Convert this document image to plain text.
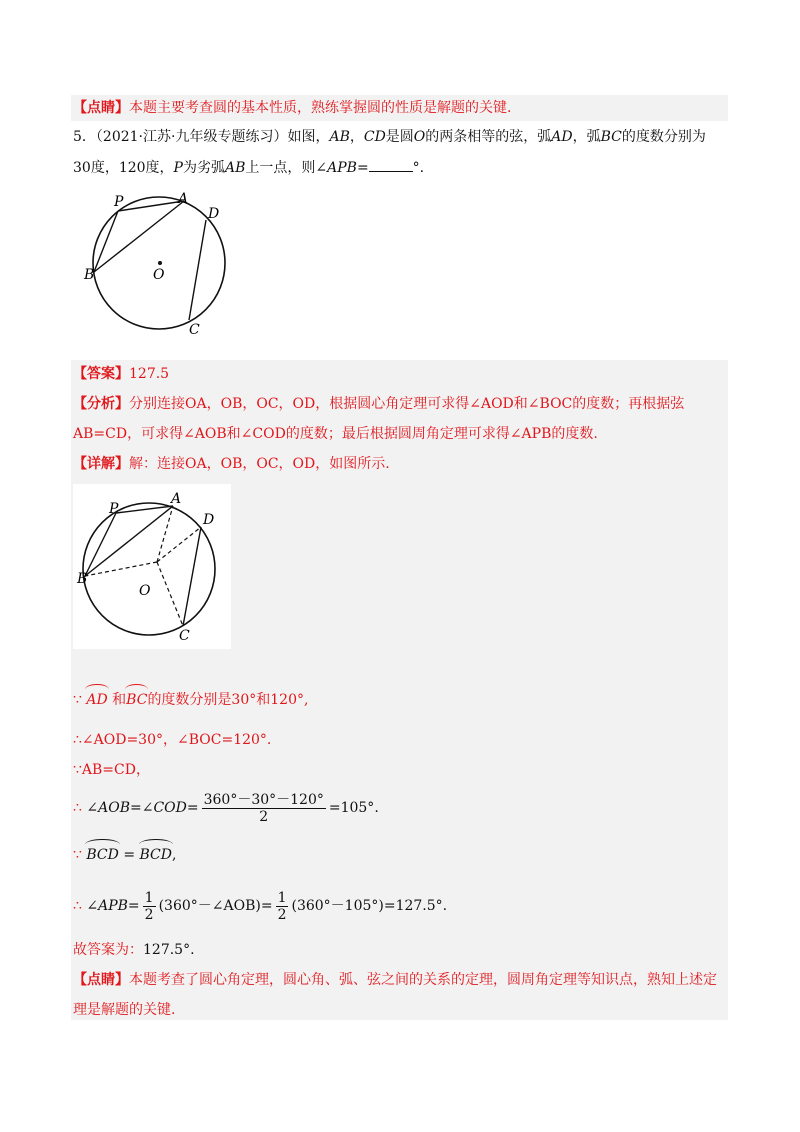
【点睛】本题主要考查圆的基本性质，熟练掌握圆的性质是解题的关键.
5．（2021·江苏·九年级专题练习）如图，AB，CD是圆O的两条相等的弦，弧AD，弧BC的度数分别为
30度，120度，P为劣弧AB上一点，则∠APB=	°.
P	A
D
B	O
C
【答案】127.5
【分析】分别连接OA，OB，OC，OD，根据圆心角定理可求得∠AOD和∠BOC的度数；再根据弦
AB=CD，可求得∠AOB和∠COD的度数；最后根据圆周角定理可求得∠APB的度数.
【详解】解：连接OA，OB，OC，OD，如图所示.
P
A
D
B
O
C
∵ AD 和BC的度数分别是30°和120°,
∴∠AOD=30°，∠BOC=120°.
∵AB=CD，
∴ ∠AOB=∠COD= $\frac{360^\circ-30^\circ-120^\circ}{2} =105^\circ$.
∵ BCD = BCD,
∴ ∠APB= $\frac{1}{2}$ (360°－∠AOB)= $\frac{1}{2} (360^\circ-105^\circ)=127.5^\circ$.
故答案为：127.5°.
【点睛】本题考查了圆心角定理，圆心角、弧、弦之间的关系的定理，圆周角定理等知识点，熟知上述定
理是解题的关键.
